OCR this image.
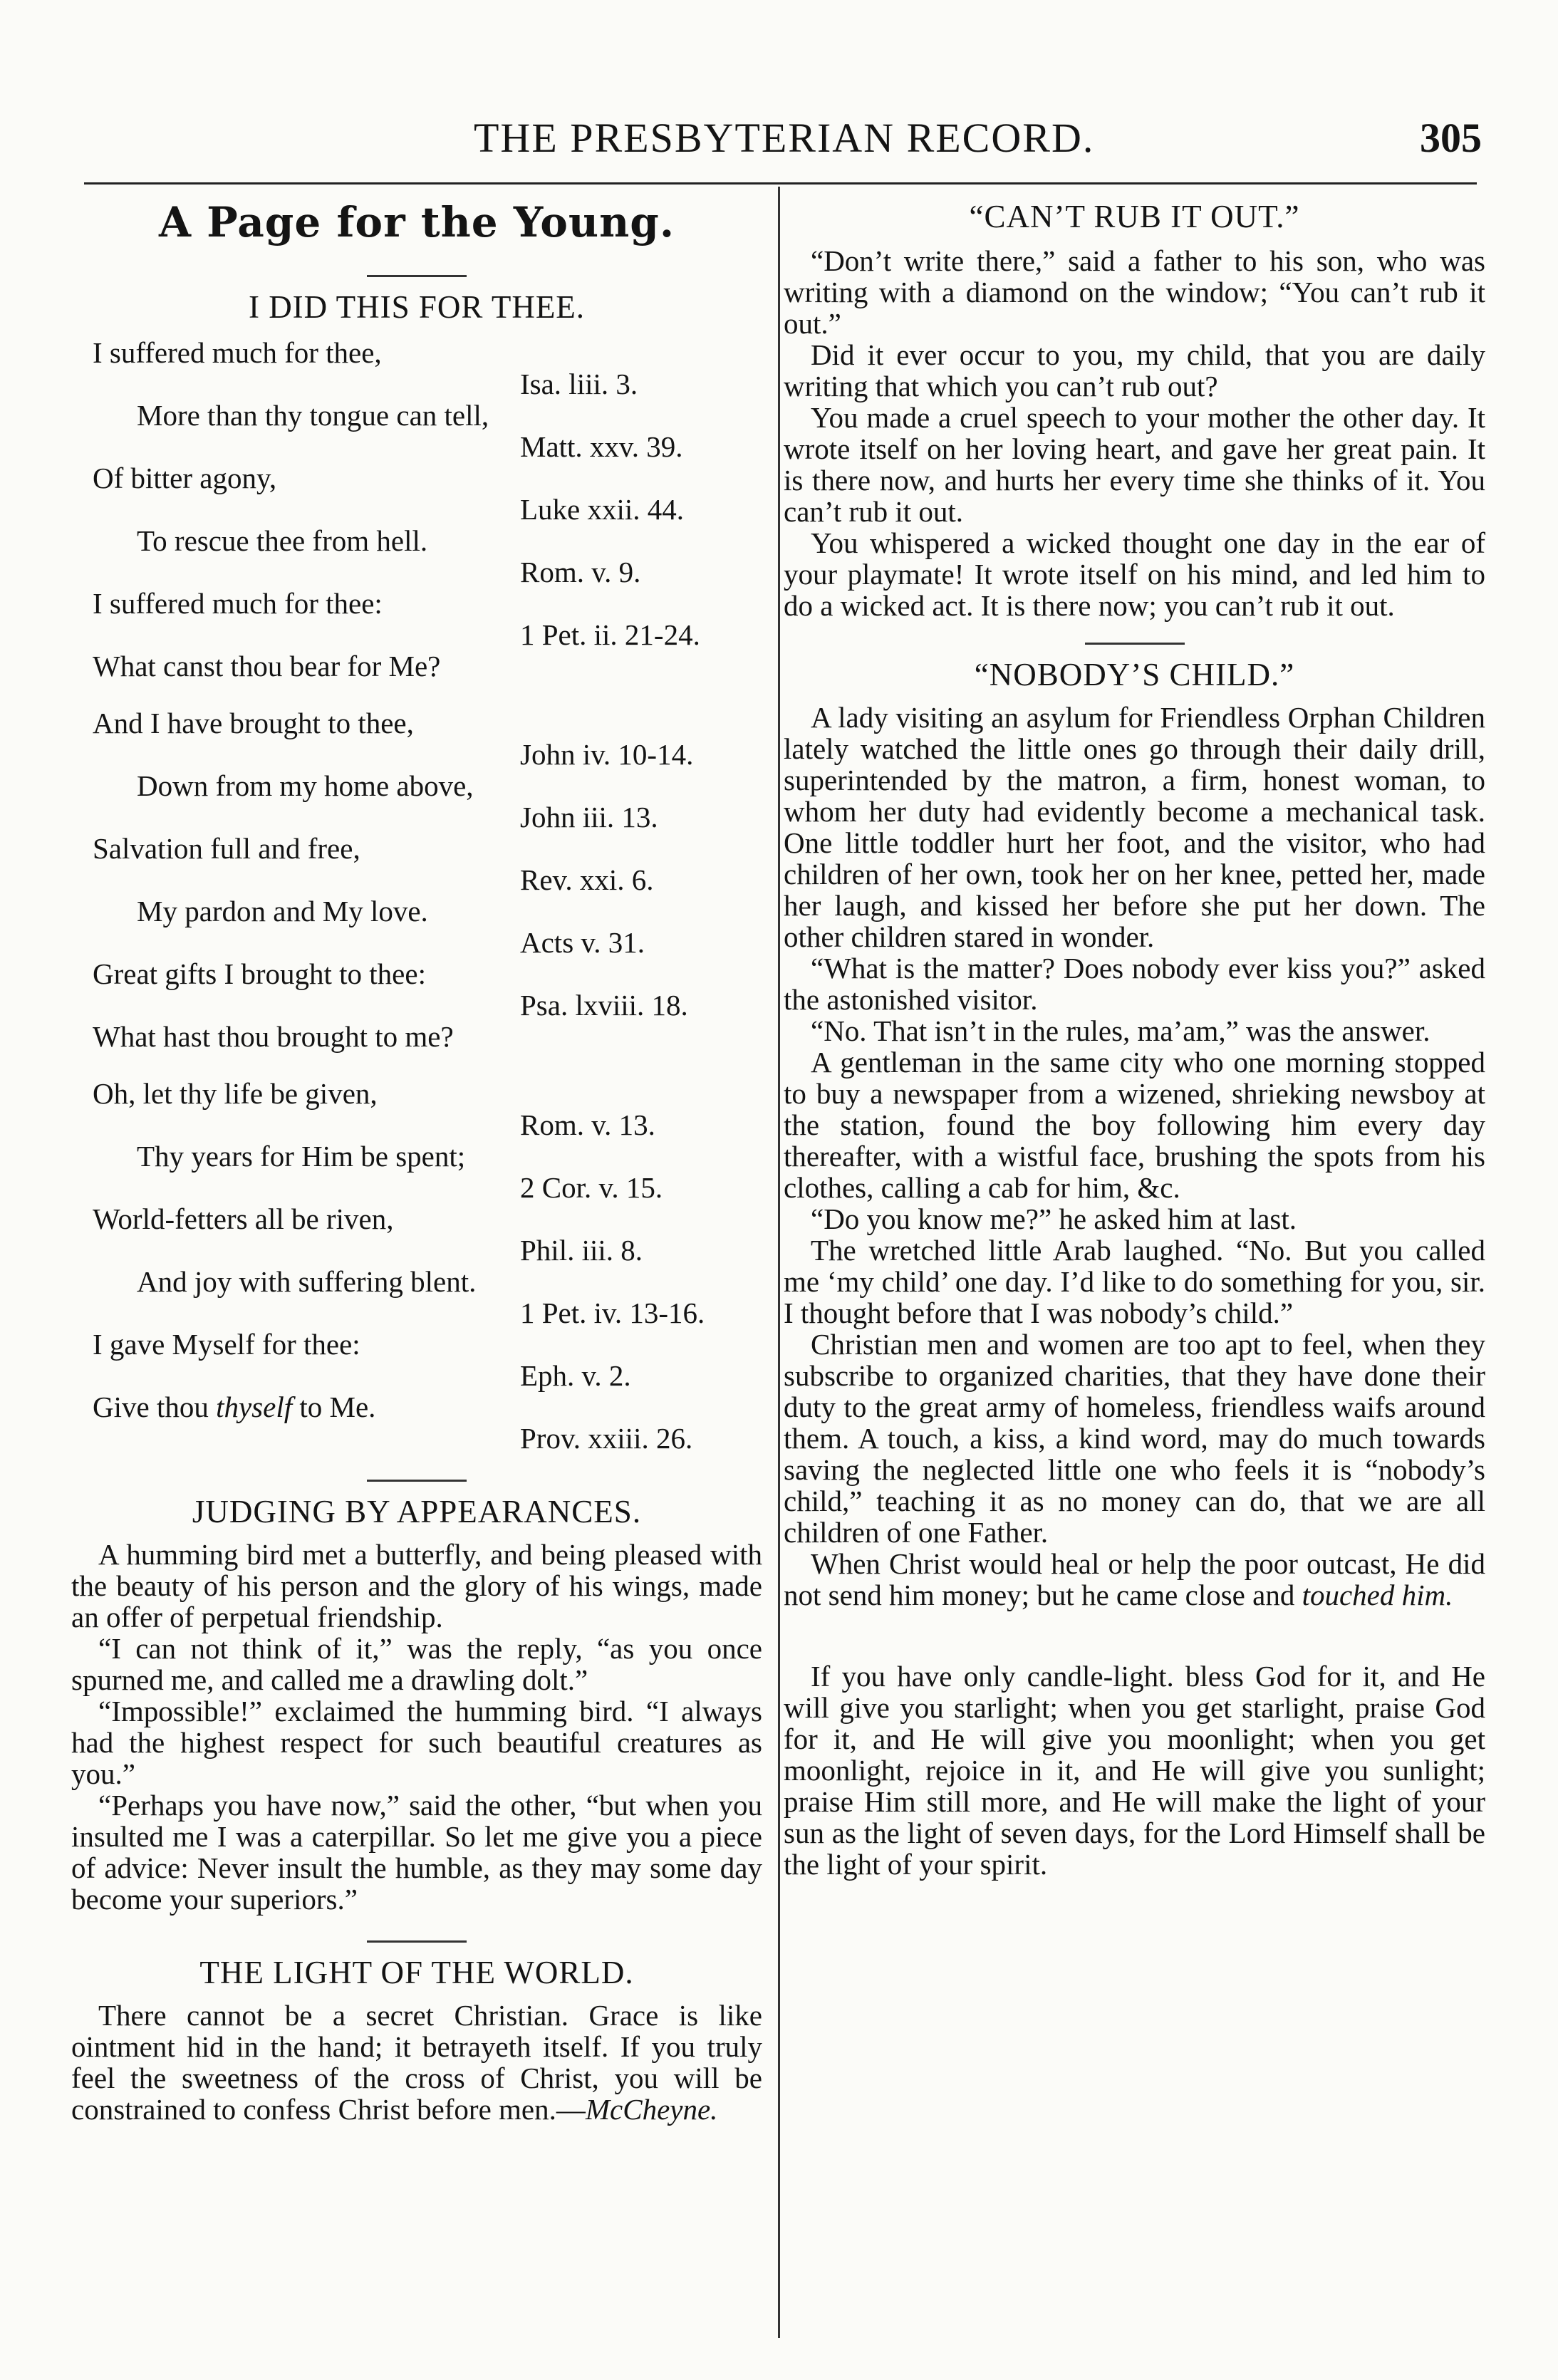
THE PRESBYTERIAN RECORD.	305
A Page for the Young.
I DID THIS FOR THEE.
I suffered much for thee,
Isa. liii. 3.
More than thy tongue can tell,
Matt. xxv. 39.
Of bitter agony,
Luke xxii. 44.
To rescue thee from hell.
Rom. v. 9.
I suffered much for thee:
1 Pet. ii. 21-24.
What canst thou bear for Me?
And I have brought to thee,
John iv. 10-14.
Down from my home above,
John iii. 13.
Salvation full and free,
Rev. xxi. 6.
My pardon and My love.
Acts v. 31.
Great gifts I brought to thee:
Psa. lxviii. 18.
What hast thou brought to me?
Oh, let thy life be given,
Rom. v. 13.
Thy years for Him be spent;
2 Cor. v. 15.
World-fetters all be riven,
Phil. iii. 8.
And joy with suffering blent.
1 Pet. iv. 13-16.
I gave Myself for thee:
Eph. v. 2.
Give thou thyself to Me.
Prov. xxiii. 26.
JUDGING BY APPEARANCES.

A humming bird met a butterfly, and being pleased with the beauty of his person and the glory of his wings, made an offer of perpetual friendship.

“I can not think of it,” was the reply, “as you once spurned me, and called me a drawling dolt.”

“Impossible!” exclaimed the humming bird. “I always had the highest respect for such beautiful creatures as you.”

“Perhaps you have now,” said the other, “but when you insulted me I was a caterpillar. So let me give you a piece of advice: Never insult the humble, as they may some day become your superiors.”

THE LIGHT OF THE WORLD.

There cannot be a secret Christian. Grace is like ointment hid in the hand; it betrayeth itself. If you truly feel the sweetness of the cross of Christ, you will be constrained to confess Christ before men.—McCheyne.

“CAN’T RUB IT OUT.”

“Don’t write there,” said a father to his son, who was writing with a diamond on the window; “You can’t rub it out.”

Did it ever occur to you, my child, that you are daily writing that which you can’t rub out?

You made a cruel speech to your mother the other day. It wrote itself on her loving heart, and gave her great pain. It is there now, and hurts her every time she thinks of it. You can’t rub it out.

You whispered a wicked thought one day in the ear of your playmate! It wrote itself on his mind, and led him to do a wicked act. It is there now; you can’t rub it out.

“NOBODY’S CHILD.”

A lady visiting an asylum for Friendless Orphan Children lately watched the little ones go through their daily drill, superintended by the matron, a firm, honest woman, to whom her duty had evidently become a mechanical task. One little toddler hurt her foot, and the visitor, who had children of her own, took her on her knee, petted her, made her laugh, and kissed her before she put her down. The other children stared in wonder.

“What is the matter? Does nobody ever kiss you?” asked the astonished visitor.

“No. That isn’t in the rules, ma’am,” was the answer.

A gentleman in the same city who one morning stopped to buy a newspaper from a wizened, shrieking newsboy at the station, found the boy following him every day thereafter, with a wistful face, brushing the spots from his clothes, calling a cab for him, &c.

“Do you know me?” he asked him at last.

The wretched little Arab laughed. “No. But you called me ‘my child’ one day. I’d like to do something for you, sir. I thought before that I was nobody’s child.”

Christian men and women are too apt to feel, when they subscribe to organized charities, that they have done their duty to the great army of homeless, friendless waifs around them. A touch, a kiss, a kind word, may do much towards saving the neglected little one who feels it is “nobody’s child,” teaching it as no money can do, that we are all children of one Father.

When Christ would heal or help the poor outcast, He did not send him money; but he came close and touched him.

If you have only candle-light. bless God for it, and He will give you starlight; when you get starlight, praise God for it, and He will give you moonlight; when you get moonlight, rejoice in it, and He will give you sunlight; praise Him still more, and He will make the light of your sun as the light of seven days, for the Lord Himself shall be the light of your spirit.
